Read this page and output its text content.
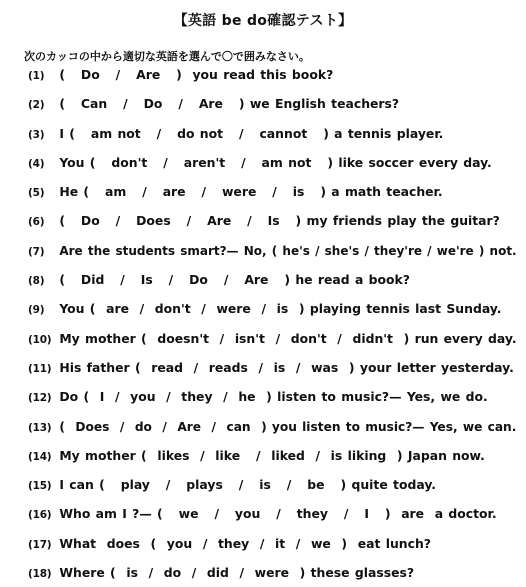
【英語 be do確認テスト】
次のカッコの中から適切な英語を選んで〇で囲みなさい。
(1) (   Do   /   Are   )  you read this book?
(2) (   Can   /   Do   /   Are   ) we English teachers?
(3) I (   am not   /   do not   /   cannot   ) a tennis player.
(4) You (   don't   /   aren't   /   am not   ) like soccer every day.
(5) He (   am   /   are   /   were   /   is   ) a math teacher.
(6) (   Do   /   Does   /   Are   /   Is   ) my friends play the guitar?
(7) Are the students smart?— No, ( he's / she's / they're / we're ) not.
(8) (   Did   /   Is   /   Do   /   Are   ) he read a book?
(9) You (  are  /  don't  /  were  /  is  ) playing tennis last Sunday.
(10) My mother (  doesn't  /  isn't  /  don't  /  didn't  ) run every day.
(11) His father (  read  /  reads  /  is  /  was  ) your letter yesterday.
(12) Do (  I  /  you  /  they  /  he  ) listen to music?— Yes, we do.
(13) (  Does  /  do  /  Are  /  can  ) you listen to music?— Yes, we can.
(14) My mother (  likes  /  like   /  liked  /  is liking  ) Japan now.
(15) I can (   play   /   plays   /   is   /   be   ) quite today.
(16) Who am I ?— (   we   /   you   /   they   /   I   )  are  a doctor.
(17) What  does  (  you  /  they  /  it  /  we  )  eat lunch?
(18) Where (  is  /  do  /  did  /  were  ) these glasses?
